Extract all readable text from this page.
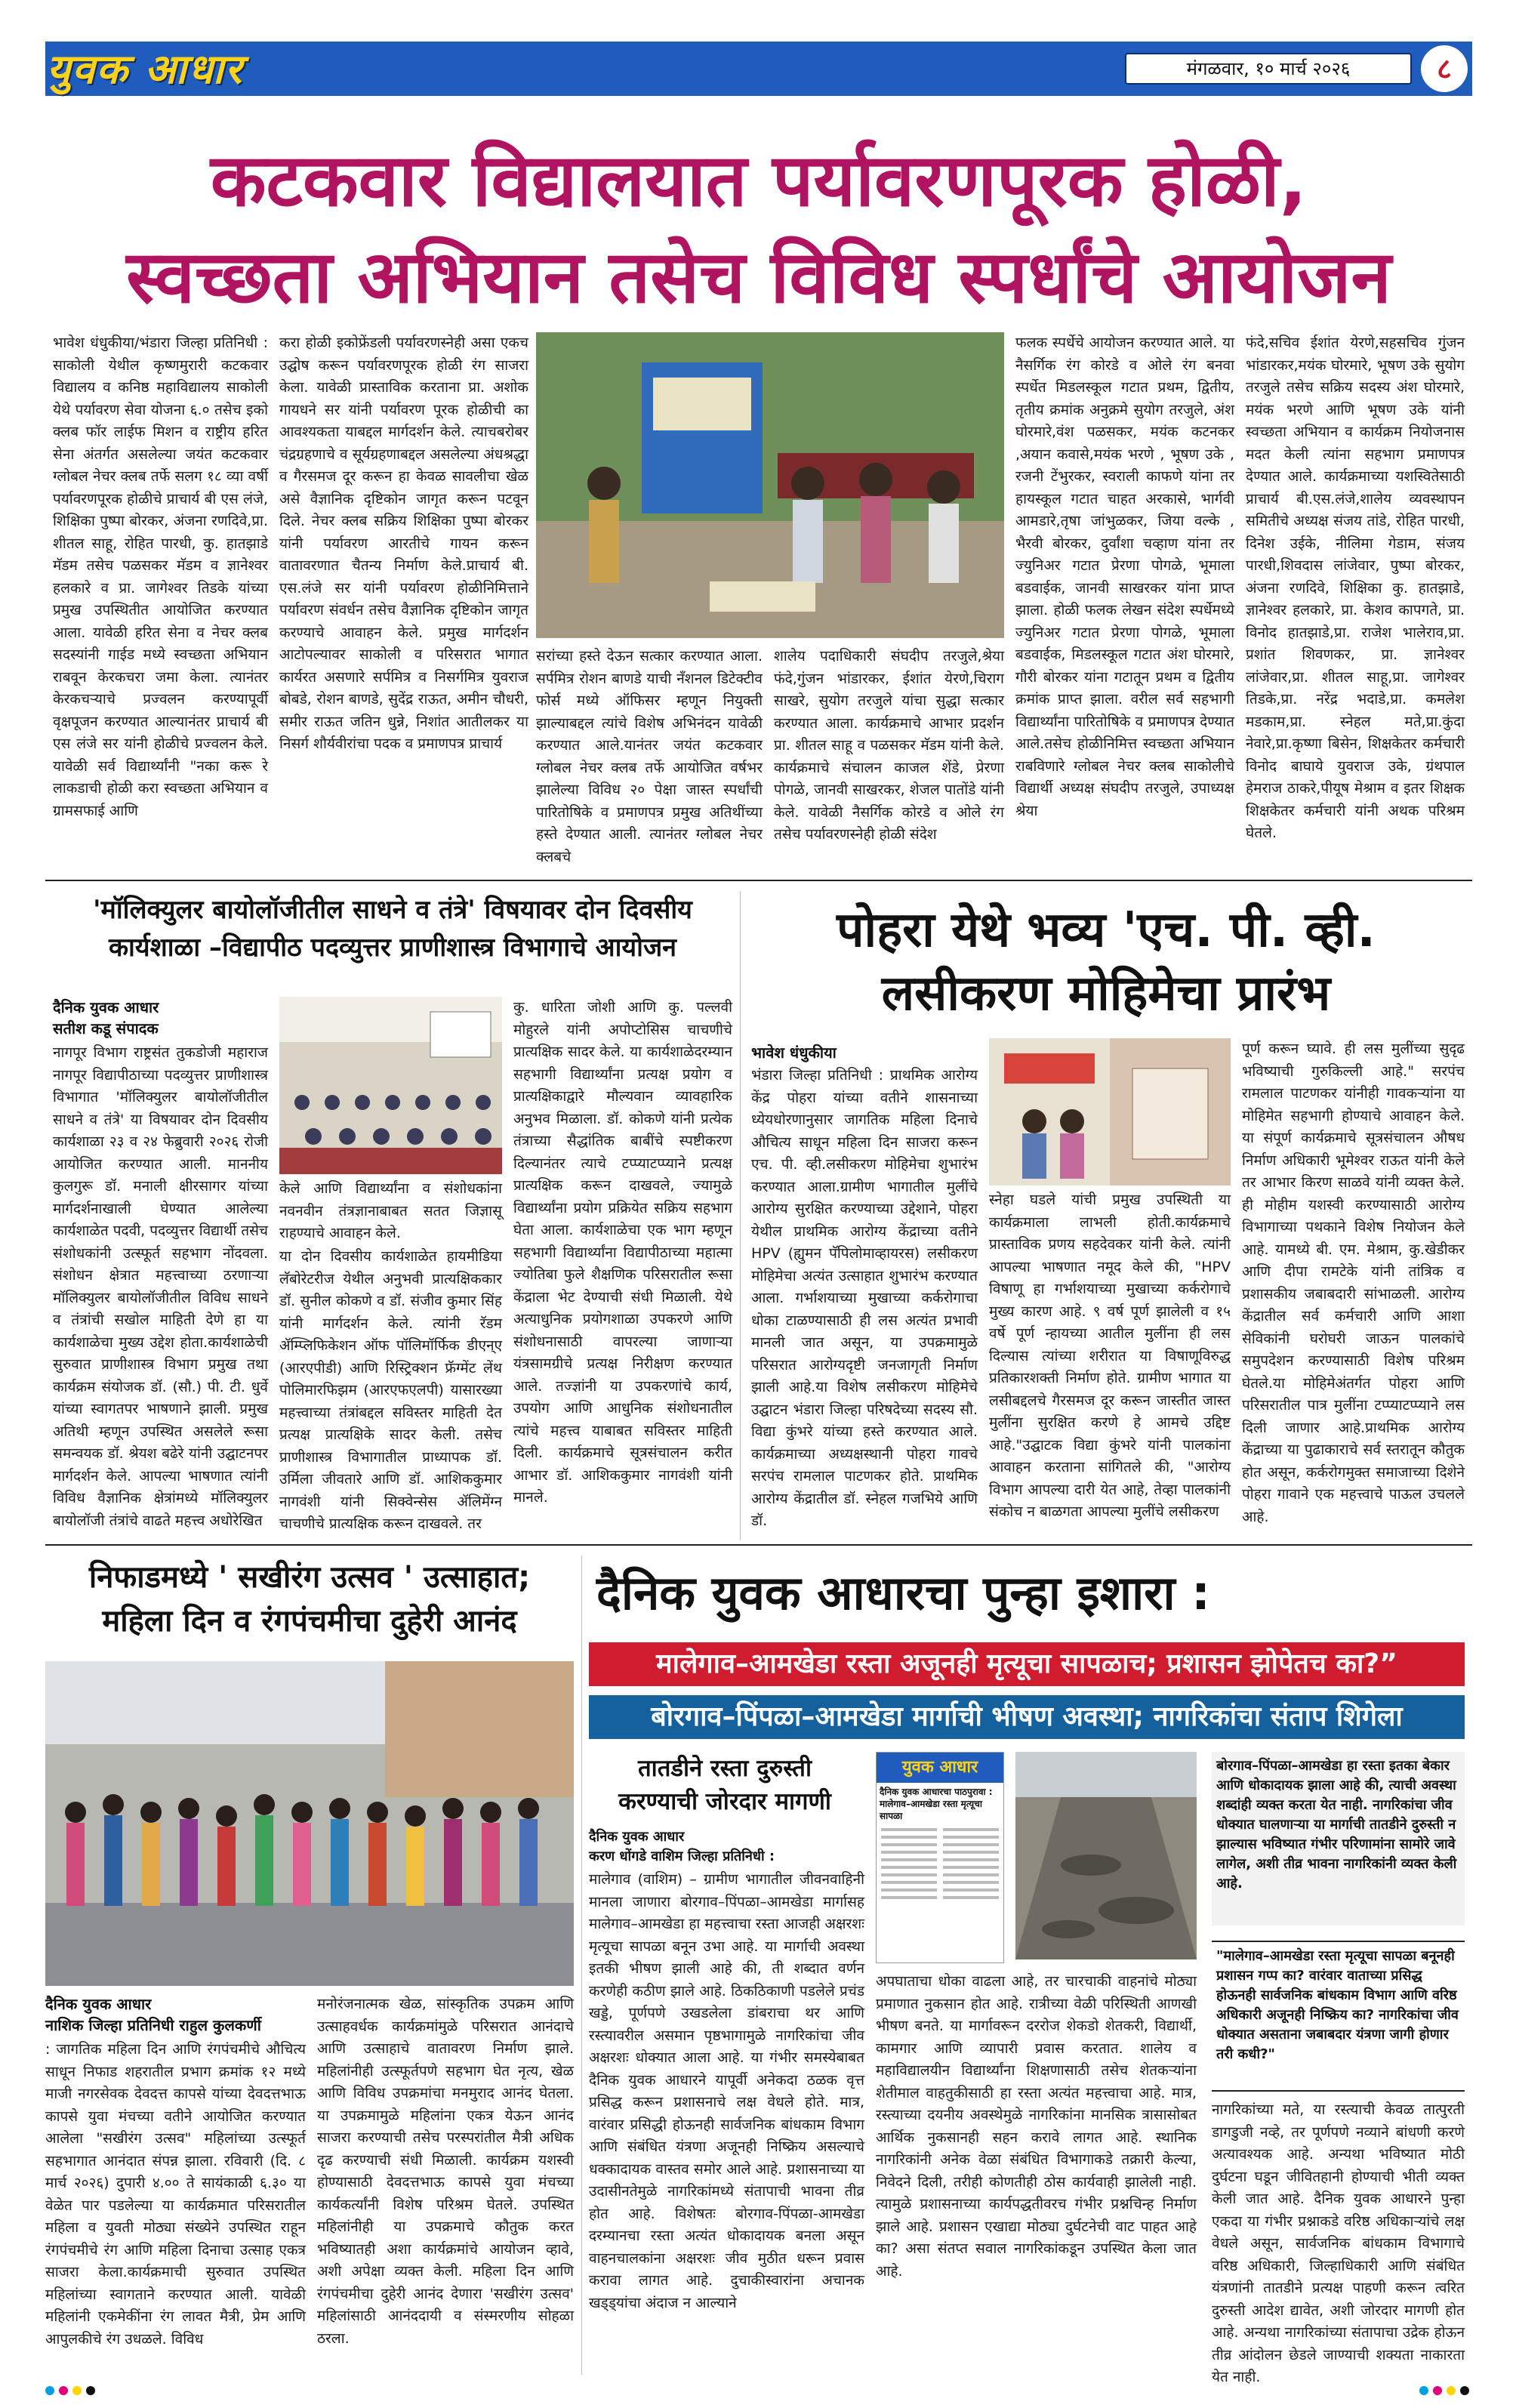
युवक आधार	मंगळवार, १० मार्च २०२६	८
कटकवार विद्यालयात पर्यावरणपूरक होळी,
स्वच्छता अभियान तसेच विविध स्पर्धांचे आयोजन
भावेश धंधुकीया/भंडारा जिल्हा प्रतिनिधी : साकोली येथील कृष्णमुरारी कटकवार विद्यालय व कनिष्ठ महाविद्यालय साकोली येथे पर्यावरण सेवा योजना ६.० तसेच इको क्लब फॉर लाईफ मिशन व राष्ट्रीय हरित सेना अंतर्गत असलेल्या जयंत कटकवार ग्लोबल नेचर क्लब तर्फे सलग १८ व्या वर्षी पर्यावरणपूरक होळीचे प्राचार्य बी एस लंजे, शिक्षिका पुष्पा बोरकर, अंजना रणदिवे,प्रा. शीतल साहू, रोहित पारधी, कु. हातझाडे मॅडम तसेच पळसकर मॅडम व ज्ञानेश्वर हलकारे व प्रा. जागेश्वर तिडके यांच्या प्रमुख उपस्थितीत आयोजित करण्यात आला. यावेळी हरित सेना व नेचर क्लब सदस्यांनी गाईड मध्ये स्वच्छता अभियान राबवून केरकचरा जमा केला. त्यानंतर केरकचऱ्याचे प्रज्वलन करण्यापूर्वी वृक्षपूजन करण्यात आल्यानंतर प्राचार्य बी एस लंजे सर यांनी होळीचे प्रज्वलन केले. यावेळी सर्व विद्यार्थ्यांनी "नका करू रे लाकडाची होळी करा स्वच्छता अभियान व ग्रामसफाई आणि
करा होळी इकोफ्रेंडली पर्यावरणस्नेही असा एकच उद्घोष करून पर्यावरणपूरक होळी रंग साजरा केला. यावेळी प्रास्ताविक करताना प्रा. अशोक गायधने सर यांनी पर्यावरण पूरक होळीची का आवश्यकता याबद्दल मार्गदर्शन केले. त्याचबरोबर चंद्रग्रहणाचे व सूर्यग्रहणाबद्दल असलेल्या अंधश्रद्धा व गैरसमज दूर करून हा केवळ सावलीचा खेळ असे वैज्ञानिक दृष्टिकोन जागृत करून पटवून दिले. नेचर क्लब सक्रिय शिक्षिका पुष्पा बोरकर यांनी पर्यावरण आरतीचे गायन करून वातावरणात चैतन्य निर्माण केले.प्राचार्य बी. एस.लंजे सर यांनी पर्यावरण होळीनिमित्ताने पर्यावरण संवर्धन तसेच वैज्ञानिक दृष्टिकोन जागृत करण्याचे आवाहन केले. प्रमुख मार्गदर्शन आटोपल्यावर साकोली व परिसरात भागात कार्यरत असणारे सर्पमित्र व निसर्गमित्र युवराज बोबडे, रोशन बाणडे, सुदेंद्र राऊत, अमीन चौधरी, समीर राऊत जतिन धुन्ने, निशांत आतीलकर या निसर्ग शौर्यवीरांचा पदक व प्रमाणपत्र प्राचार्य
सरांच्या हस्ते देऊन सत्कार करण्यात आला. सर्पमित्र रोशन बाणडे याची नँशनल डिटेक्टीव फोर्स मध्ये ऑफिसर म्हणून नियुक्ती झाल्याबद्दल त्यांचे विशेष अभिनंदन यावेळी करण्यात आले.यानंतर जयंत कटकवार ग्लोबल नेचर क्लब तर्फे आयोजित वर्षभर झालेल्या विविध २० पेक्षा जास्त स्पर्धांची पारितोषिके व प्रमाणपत्र प्रमुख अतिथींच्या हस्ते देण्यात आली. त्यानंतर ग्लोबल नेचर क्लबचे
शालेय पदाधिकारी संघदीप तरजुले,श्रेया फंदे,गुंजन भांडारकर, ईशांत येरणे,चिराग साखरे, सुयोग तरजुले यांचा सुद्धा सत्कार करण्यात आला. कार्यक्रमाचे आभार प्रदर्शन प्रा. शीतल साहू व पळसकर मॅडम यांनी केले. कार्यक्रमाचे संचालन काजल शेंडे, प्रेरणा पोगळे, जानवी साखरकर, शेजल पातोंडे यांनी केले. यावेळी नैसर्गिक कोरडे व ओले रंग तसेच पर्यावरणस्नेही होळी संदेश
फलक स्पर्धेचे आयोजन करण्यात आले. या नैसर्गिक रंग कोरडे व ओले रंग बनवा स्पर्धेत मिडलस्कूल गटात प्रथम, द्वितीय, तृतीय क्रमांक अनुक्रमे सुयोग तरजुले, अंश घोरमारे,वंश पळसकर, मयंक कटनकर ,अयान कवासे,मयंक भरणे , भूषण उके , रजनी टेंभुरकर, स्वराली काफणे यांना तर हायस्कूल गटात चाहत अरकासे, भार्गवी आमडारे,तृषा जांभुळकर, जिया वल्के , भैरवी बोरकर, दुर्वांशा चव्हाण यांना तर ज्युनिअर गटात प्रेरणा पोगळे, भूमाला बडवाईक, जानवी साखरकर यांना प्राप्त झाला. होळी फलक लेखन संदेश स्पर्धेमध्ये ज्युनिअर गटात प्रेरणा पोगळे, भूमाला बडवाईक, मिडलस्कूल गटात अंश घोरमारे, गौरी बोरकर यांना गटातून प्रथम व द्वितीय क्रमांक प्राप्त झाला. वरील सर्व सहभागी विद्यार्थ्यांना पारितोषिके व प्रमाणपत्र देण्यात आले.तसेच होळीनिमित्त स्वच्छता अभियान राबविणारे ग्लोबल नेचर क्लब साकोलीचे विद्यार्थी अध्यक्ष संघदीप तरजुले, उपाध्यक्ष श्रेया
फंदे,सचिव ईशांत येरणे,सहसचिव गुंजन भांडारकर,मयंक घोरमारे, भूषण उके सुयोग तरजुले तसेच सक्रिय सदस्य अंश घोरमारे, मयंक भरणे आणि भूषण उके यांनी स्वच्छता अभियान व कार्यक्रम नियोजनास मदत केली त्यांना सहभाग प्रमाणपत्र देण्यात आले. कार्यक्रमाच्या यशस्वितेसाठी प्राचार्य बी.एस.लंजे,शालेय व्यवस्थापन समितीचे अध्यक्ष संजय तांडे, रोहित पारधी, दिनेश उईके, नीलिमा गेडाम, संजय पारधी,शिवदास लांजेवार, पुष्पा बोरकर, अंजना रणदिवे, शिक्षिका कु. हातझाडे, ज्ञानेश्वर हलकारे, प्रा. केशव कापगते, प्रा. विनोद हातझाडे,प्रा. राजेश भालेराव,प्रा. प्रशांत शिवणकर, प्रा. ज्ञानेश्वर लांजेवार,प्रा. शीतल साहू,प्रा. जागेश्वर तिडके,प्रा. नरेंद्र भदाडे,प्रा. कमलेश मडकाम,प्रा. स्नेहल मते,प्रा.कुंदा नेवारे,प्रा.कृष्णा बिसेन, शिक्षकेतर कर्मचारी विनोद बाघाये युवराज उके, ग्रंथपाल हेमराज ठाकरे,पीयूष मेश्राम व इतर शिक्षक शिक्षकेतर कर्मचारी यांनी अथक परिश्रम घेतले.
'मॉलिक्युलर बायोलॉजीतील साधने व तंत्रे' विषयावर दोन दिवसीय
कार्यशाळा –विद्यापीठ पदव्युत्तर प्राणीशास्त्र विभागाचे आयोजन
दैनिक युवक आधार
सतीश कडू संपादक
नागपूर विभाग राष्ट्रसंत तुकडोजी महाराज नागपूर विद्यापीठाच्या पदव्युत्तर प्राणीशास्त्र विभागात 'मॉलिक्युलर बायोलॉजीतील साधने व तंत्रे' या विषयावर दोन दिवसीय कार्यशाळा २३ व २४ फेब्रुवारी २०२६ रोजी आयोजित करण्यात आली. माननीय कुलगुरू डॉ. मनाली क्षीरसागर यांच्या मार्गदर्शनाखाली घेण्यात आलेल्या कार्यशाळेत पदवी, पदव्युत्तर विद्यार्थी तसेच संशोधकांनी उत्स्फूर्त सहभाग नोंदवला. संशोधन क्षेत्रात महत्त्वाच्या ठरणाऱ्या मॉलिक्युलर बायोलॉजीतील विविध साधने व तंत्रांची सखोल माहिती देणे हा या कार्यशाळेचा मुख्य उद्देश होता.कार्यशाळेची सुरुवात प्राणीशास्त्र विभाग प्रमुख तथा कार्यक्रम संयोजक डॉ. (सौ.) पी. टी. धुर्वे यांच्या स्वागतपर भाषणाने झाली. प्रमुख अतिथी म्हणून उपस्थित असलेले रूसा समन्वयक डॉ. श्रेयश बढेरे यांनी उद्घाटनपर मार्गदर्शन केले. आपल्या भाषणात त्यांनी विविध वैज्ञानिक क्षेत्रांमध्ये मॉलिक्युलर बायोलॉजी तंत्रांचे वाढते महत्त्व अधोरेखित
केले आणि विद्यार्थ्यांना व संशोधकांना नवनवीन तंत्रज्ञानाबाबत सतत जिज्ञासू राहण्याचे आवाहन केले.
या दोन दिवसीय कार्यशाळेत हायमीडिया लॅबोरेटरीज येथील अनुभवी प्रात्यक्षिककार डॉ. सुनील कोकणे व डॉ. संजीव कुमार सिंह यांनी मार्गदर्शन केले. त्यांनी रॅडम ॲम्प्लिफिकेशन ऑफ पॉलिमॉर्फिक डीएन्ए (आरएपीडी) आणि रिस्ट्रिक्शन फ्रॅग्मेंट लेंथ पोलिमारफिझम (आरएफएलपी) यासारख्या महत्त्वाच्या तंत्रांबद्दल सविस्तर माहिती देत प्रत्यक्ष प्रात्यक्षिके सादर केली. तसेच प्राणीशास्त्र विभागातील प्राध्यापक डॉ. उर्मिला जीवतारे आणि डॉ. आशिककुमार नागवंशी यांनी सिक्वेन्सेस ॲलिमेंग्न चाचणीचे प्रात्यक्षिक करून दाखवले. तर
कु. धारिता जोशी आणि कु. पल्लवी मोहुरले यांनी अपोप्टोसिस चाचणीचे प्रात्यक्षिक सादर केले. या कार्यशाळेदरम्यान सहभागी विद्यार्थ्यांना प्रत्यक्ष प्रयोग व प्रात्यक्षिकाद्वारे मौल्यवान व्यावहारिक अनुभव मिळाला. डॉ. कोकणे यांनी प्रत्येक तंत्राच्या सैद्धांतिक बाबींचे स्पष्टीकरण दिल्यानंतर त्याचे टप्प्याटप्प्याने प्रत्यक्ष प्रात्यक्षिक करून दाखवले, ज्यामुळे विद्यार्थ्यांना प्रयोग प्रक्रियेत सक्रिय सहभाग घेता आला. कार्यशाळेचा एक भाग म्हणून सहभागी विद्यार्थ्यांना विद्यापीठाच्या महात्मा ज्योतिबा फुले शैक्षणिक परिसरातील रूसा केंद्राला भेट देण्याची संधी मिळाली. येथे अत्याधुनिक प्रयोगशाळा उपकरणे आणि संशोधनासाठी वापरल्या जाणाऱ्या यंत्रसामग्रीचे प्रत्यक्ष निरीक्षण करण्यात आले. तज्ज्ञांनी या उपकरणांचे कार्य, उपयोग आणि आधुनिक संशोधनातील त्यांचे महत्त्व याबाबत सविस्तर माहिती दिली. कार्यक्रमाचे सूत्रसंचालन करीत आभार डॉ. आशिककुमार नागवंशी यांनी मानले.
पोहरा येथे भव्य 'एच. पी. व्ही.
लसीकरण मोहिमेचा प्रारंभ
भावेश धंधुकीया
भंडारा जिल्हा प्रतिनिधी : प्राथमिक आरोग्य केंद्र पोहरा यांच्या वतीने शासनाच्या ध्येयधोरणानुसार जागतिक महिला दिनाचे औचित्य साधून महिला दिन साजरा करून एच. पी. व्ही.लसीकरण मोहिमेचा शुभारंभ करण्यात आला.ग्रामीण भागातील मुलींचे आरोग्य सुरक्षित करण्याच्या उद्देशाने, पोहरा येथील प्राथमिक आरोग्य केंद्राच्या वतीने HPV (ह्युमन पॅपिलोमाव्हायरस) लसीकरण मोहिमेचा अत्यंत उत्साहात शुभारंभ करण्यात आला. गर्भाशयाच्या मुखाच्या कर्करोगाचा धोका टाळण्यासाठी ही लस अत्यंत प्रभावी मानली जात असून, या उपक्रमामुळे परिसरात आरोग्यदृष्टी जनजागृती निर्माण झाली आहे.या विशेष लसीकरण मोहिमेचे उद्घाटन भंडारा जिल्हा परिषदेच्या सदस्य सौ. विद्या कुंभरे यांच्या हस्ते करण्यात आले. कार्यक्रमाच्या अध्यक्षस्थानी पोहरा गावचे सरपंच रामलाल पाटणकर होते. प्राथमिक आरोग्य केंद्रातील डॉ. स्नेहल गजभिये आणि डॉ.
स्नेहा घडले यांची प्रमुख उपस्थिती या कार्यक्रमाला लाभली होती.कार्यक्रमाचे प्रास्ताविक प्रणय सहदेवकर यांनी केले. त्यांनी आपल्या भाषणात नमूद केले की, "HPV विषाणू हा गर्भाशयाच्या मुखाच्या कर्करोगाचे मुख्य कारण आहे. ९ वर्ष पूर्ण झालेली व १५ वर्षे पूर्ण न्हायच्या आतील मुलींना ही लस दिल्यास त्यांच्या शरीरात या विषाणूविरुद्ध प्रतिकारशक्ती निर्माण होते. ग्रामीण भागात या लसीबद्दलचे गैरसमज दूर करून जास्तीत जास्त मुलींना सुरक्षित करणे हे आमचे उद्दिष्ट आहे."उद्घाटक विद्या कुंभरे यांनी पालकांना आवाहन करताना सांगितले की, "आरोग्य विभाग आपल्या दारी येत आहे, तेव्हा पालकांनी संकोच न बाळगता आपल्या मुलींचे लसीकरण
पूर्ण करून घ्यावे. ही लस मुलींच्या सुदृढ भविष्याची गुरुकिल्ली आहे." सरपंच रामलाल पाटणकर यांनीही गावकऱ्यांना या मोहिमेत सहभागी होण्याचे आवाहन केले. या संपूर्ण कार्यक्रमाचे सूत्रसंचालन औषध निर्माण अधिकारी भूमेश्वर राऊत यांनी केले तर आभार किरण साळवे यांनी व्यक्त केले. ही मोहीम यशस्वी करण्यासाठी आरोग्य विभागाच्या पथकाने विशेष नियोजन केले आहे. यामध्ये बी. एम. मेश्राम, कु.खेडीकर आणि दीपा रामटेके यांनी तांत्रिक व प्रशासकीय जबाबदारी सांभाळली. आरोग्य केंद्रातील सर्व कर्मचारी आणि आशा सेविकांनी घरोघरी जाऊन पालकांचे समुपदेशन करण्यासाठी विशेष परिश्रम घेतले.या मोहिमेअंतर्गत पोहरा आणि परिसरातील पात्र मुलींना टप्प्याटप्प्याने लस दिली जाणार आहे.प्राथमिक आरोग्य केंद्राच्या या पुढाकाराचे सर्व स्तरातून कौतुक होत असून, कर्करोगमुक्त समाजाच्या दिशेने पोहरा गावाने एक महत्त्वाचे पाऊल उचलले आहे.
निफाडमध्ये ' सखीरंग उत्सव ' उत्साहात;
महिला दिन व रंगपंचमीचा दुहेरी आनंद
दैनिक युवक आधार
नाशिक जिल्हा प्रतिनिधी राहुल कुलकर्णी
: जागतिक महिला दिन आणि रंगपंचमीचे औचित्य साधून निफाड शहरातील प्रभाग क्रमांक १२ मध्ये माजी नगरसेवक देवदत्त कापसे यांच्या देवदत्तभाऊ कापसे युवा मंचच्या वतीने आयोजित करण्यात आलेला "सखीरंग उत्सव" महिलांच्या उत्स्फूर्त सहभागात आनंदात संपन्न झाला. रविवारी (दि. ८ मार्च २०२६) दुपारी ४.०० ते सायंकाळी ६.३० या वेळेत पार पडलेल्या या कार्यक्रमात परिसरातील महिला व युवती मोठ्या संख्येने उपस्थित राहून रंगपंचमीचे रंग आणि महिला दिनाचा उत्साह एकत्र साजरा केला.कार्यक्रमाची सुरुवात उपस्थित महिलांच्या स्वागताने करण्यात आली. यावेळी महिलांनी एकमेकींना रंग लावत मैत्री, प्रेम आणि आपुलकीचे रंग उधळले. विविध
मनोरंजनात्मक खेळ, सांस्कृतिक उपक्रम आणि उत्साहवर्धक कार्यक्रमांमुळे परिसरात आनंदाचे आणि उत्साहाचे वातावरण निर्माण झाले. महिलांनीही उत्स्फूर्तपणे सहभाग घेत नृत्य, खेळ आणि विविध उपक्रमांचा मनमुराद आनंद घेतला. या उपक्रमामुळे महिलांना एकत्र येऊन आनंद साजरा करण्याची तसेच परस्परांतील मैत्री अधिक दृढ करण्याची संधी मिळाली. कार्यक्रम यशस्वी होण्यासाठी देवदत्तभाऊ कापसे युवा मंचच्या कार्यकर्त्यांनी विशेष परिश्रम घेतले. उपस्थित महिलांनीही या उपक्रमाचे कौतुक करत भविष्यातही अशा कार्यक्रमांचे आयोजन व्हावे, अशी अपेक्षा व्यक्त केली. महिला दिन आणि रंगपंचमीचा दुहेरी आनंद देणारा 'सखीरंग उत्सव' महिलांसाठी आनंददायी व संस्मरणीय सोहळा ठरला.
दैनिक युवक आधारचा पुन्हा इशारा :
मालेगाव–आमखेडा रस्ता अजूनही मृत्यूचा सापळाच; प्रशासन झोपेतच का?”
बोरगाव–पिंपळा–आमखेडा मार्गाची भीषण अवस्था; नागरिकांचा संताप शिगेला
तातडीने रस्ता दुरुस्ती
करण्याची जोरदार मागणी
दैनिक युवक आधार
करण धोंगडे वाशिम जिल्हा प्रतिनिधी :
मालेगाव (वाशिम) – ग्रामीण भागातील जीवनवाहिनी मानला जाणारा बोरगाव–पिंपळा–आमखेडा मार्गासह मालेगाव–आमखेडा हा महत्त्वाचा रस्ता आजही अक्षरशः मृत्यूचा सापळा बनून उभा आहे. या मार्गाची अवस्था इतकी भीषण झाली आहे की, ती शब्दात वर्णन करणेही कठीण झाले आहे. ठिकठिकाणी पडलेले प्रचंड खड्डे, पूर्णपणे उखडलेला डांबराचा थर आणि रस्त्यावरील असमान पृष्ठभागामुळे नागरिकांचा जीव अक्षरशः धोक्यात आला आहे. या गंभीर समस्येबाबत दैनिक युवक आधारने यापूर्वी अनेकदा ठळक वृत्त प्रसिद्ध करून प्रशासनाचे लक्ष वेधले होते. मात्र, वारंवार प्रसिद्धी होऊनही सार्वजनिक बांधकाम विभाग आणि संबंधित यंत्रणा अजूनही निष्क्रिय असल्याचे धक्कादायक वास्तव समोर आले आहे. प्रशासनाच्या या उदासीनतेमुळे नागरिकांमध्ये संतापाची भावना तीव्र होत आहे. विशेषतः बोरगाव-पिंपळा-आमखेडा दरम्यानचा रस्ता अत्यंत धोकादायक बनला असून वाहनचालकांना अक्षरशः जीव मुठीत धरून प्रवास करावा लागत आहे. दुचाकीस्वारांना अचानक खड्ड्यांचा अंदाज न आल्याने
युवक आधार
दैनिक युवक आधारचा पाठपुरावा : मालेगाव–आमखेडा रस्ता मृत्यूचा सापळा
अपघाताचा धोका वाढला आहे, तर चारचाकी वाहनांचे मोठ्या प्रमाणात नुकसान होत आहे. रात्रीच्या वेळी परिस्थिती आणखी भीषण बनते. या मार्गावरून दररोज शेकडो शेतकरी, विद्यार्थी, कामगार आणि व्यापारी प्रवास करतात. शालेय व महाविद्यालयीन विद्यार्थ्यांना शिक्षणासाठी तसेच शेतकऱ्यांना शेतीमाल वाहतुकीसाठी हा रस्ता अत्यंत महत्त्वाचा आहे. मात्र, रस्त्याच्या दयनीय अवस्थेमुळे नागरिकांना मानसिक त्रासासोबत आर्थिक नुकसानही सहन करावे लागत आहे. स्थानिक नागरिकांनी अनेक वेळा संबंधित विभागाकडे तक्रारी केल्या, निवेदने दिली, तरीही कोणतीही ठोस कार्यवाही झालेली नाही. त्यामुळे प्रशासनाच्या कार्यपद्धतीवरच गंभीर प्रश्नचिन्ह निर्माण झाले आहे. प्रशासन एखाद्या मोठ्या दुर्घटनेची वाट पाहत आहे का? असा संतप्त सवाल नागरिकांकडून उपस्थित केला जात आहे.
बोरगाव–पिंपळा–आमखेडा हा रस्ता इतका बेकार आणि धोकादायक झाला आहे की, त्याची अवस्था शब्दांही व्यक्त करता येत नाही. नागरिकांचा जीव धोक्यात घालणाऱ्या या मार्गाची तातडीने दुरुस्ती न झाल्यास भविष्यात गंभीर परिणामांना सामोरे जावे लागेल, अशी तीव्र भावना नागरिकांनी व्यक्त केली आहे.
"मालेगाव–आमखेडा रस्ता मृत्यूचा सापळा बनूनही प्रशासन गप्प का? वारंवार वाताच्या प्रसिद्ध होऊनही सार्वजनिक बांधकाम विभाग आणि वरिष्ठ अधिकारी अजूनही निष्क्रिय का? नागरिकांचा जीव धोक्यात असताना जबाबदार यंत्रणा जागी होणार तरी कधी?"
नागरिकांच्या मते, या रस्त्याची केवळ तात्पुरती डागडुजी नव्हे, तर पूर्णपणे नव्याने बांधणी करणे अत्यावश्यक आहे. अन्यथा भविष्यात मोठी दुर्घटना घडून जीवितहानी होण्याची भीती व्यक्त केली जात आहे. दैनिक युवक आधारने पुन्हा एकदा या गंभीर प्रश्नाकडे वरिष्ठ अधिकाऱ्यांचे लक्ष वेधले असून, सार्वजनिक बांधकाम विभागाचे वरिष्ठ अधिकारी, जिल्हाधिकारी आणि संबंधित यंत्रणांनी तातडीने प्रत्यक्ष पाहणी करून त्वरित दुरुस्ती आदेश द्यावेत, अशी जोरदार मागणी होत आहे. अन्यथा नागरिकांच्या संतापाचा उद्रेक होऊन तीव्र आंदोलन छेडले जाण्याची शक्यता नाकारता येत नाही.
